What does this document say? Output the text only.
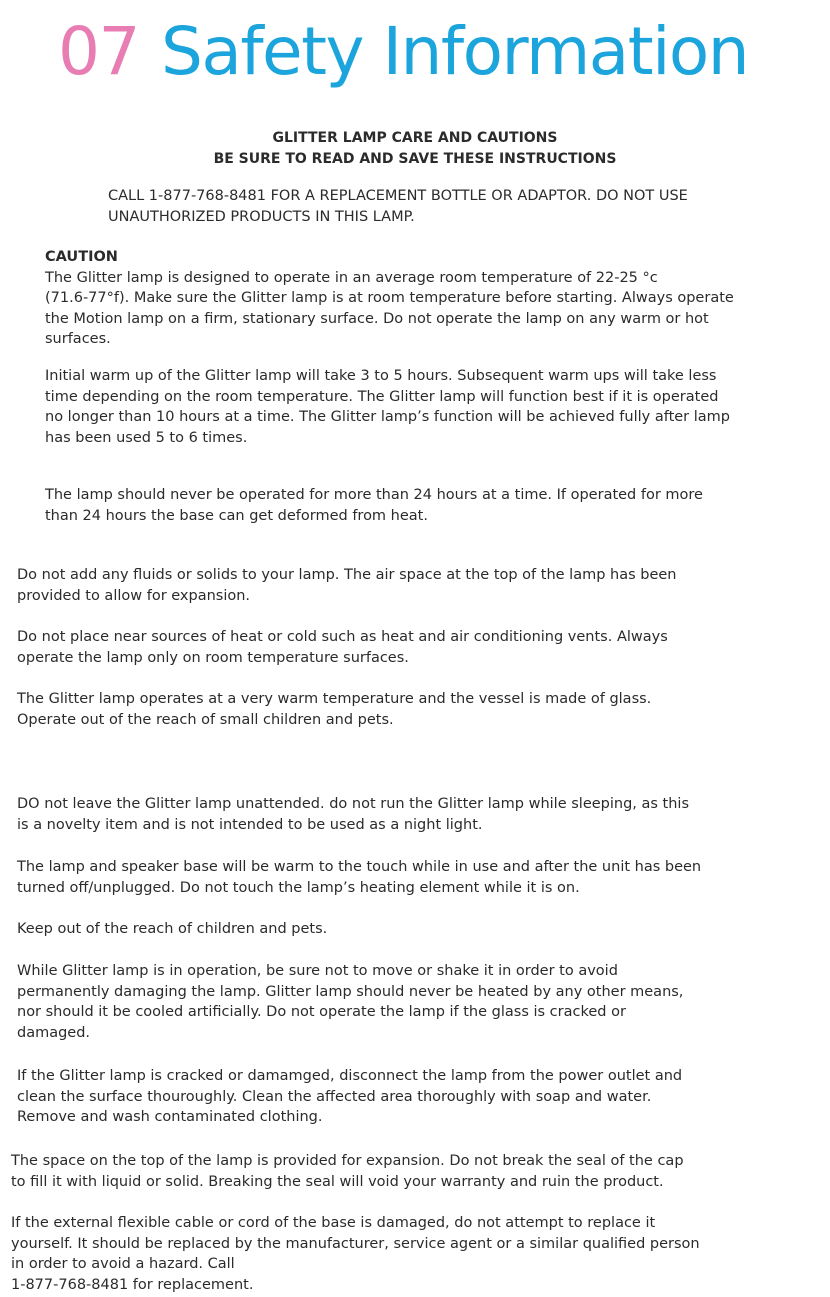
07 Safety Information
GLITTER LAMP CARE AND CAUTIONS
BE SURE TO READ AND SAVE THESE INSTRUCTIONS
CALL 1-877-768-8481 FOR A REPLACEMENT BOTTLE OR ADAPTOR. DO NOT USE
UNAUTHORIZED PRODUCTS IN THIS LAMP.
CAUTION
The Glitter lamp is designed to operate in an average room temperature of 22-25 °c
(71.6-77°f). Make sure the Glitter lamp is at room temperature before starting. Always operate
the Motion lamp on a firm, stationary surface. Do not operate the lamp on any warm or hot
surfaces.
Initial warm up of the Glitter lamp will take 3 to 5 hours. Subsequent warm ups will take less
time depending on the room temperature. The Glitter lamp will function best if it is operated
no longer than 10 hours at a time. The Glitter lamp’s function will be achieved fully after lamp
has been used 5 to 6 times.
The lamp should never be operated for more than 24 hours at a time. If operated for more
than 24 hours the base can get deformed from heat.
Do not add any fluids or solids to your lamp. The air space at the top of the lamp has been
provided to allow for expansion.
Do not place near sources of heat or cold such as heat and air conditioning vents. Always
operate the lamp only on room temperature surfaces.
The Glitter lamp operates at a very warm temperature and the vessel is made of glass.
Operate out of the reach of small children and pets.
DO not leave the Glitter lamp unattended. do not run the Glitter lamp while sleeping, as this
is a novelty item and is not intended to be used as a night light.
The lamp and speaker base will be warm to the touch while in use and after the unit has been
turned off/unplugged. Do not touch the lamp’s heating element while it is on.
Keep out of the reach of children and pets.
While Glitter lamp is in operation, be sure not to move or shake it in order to avoid
permanently damaging the lamp. Glitter lamp should never be heated by any other means,
nor should it be cooled artificially. Do not operate the lamp if the glass is cracked or
damaged.
If the Glitter lamp is cracked or damamged, disconnect the lamp from the power outlet and
clean the surface thouroughly. Clean the affected area thoroughly with soap and water.
Remove and wash contaminated clothing.
The space on the top of the lamp is provided for expansion. Do not break the seal of the cap
to fill it with liquid or solid. Breaking the seal will void your warranty and ruin the product.
If the external flexible cable or cord of the base is damaged, do not attempt to replace it
yourself. It should be replaced by the manufacturer, service agent or a similar qualified person
in order to avoid a hazard. Call
1-877-768-8481 for replacement.
